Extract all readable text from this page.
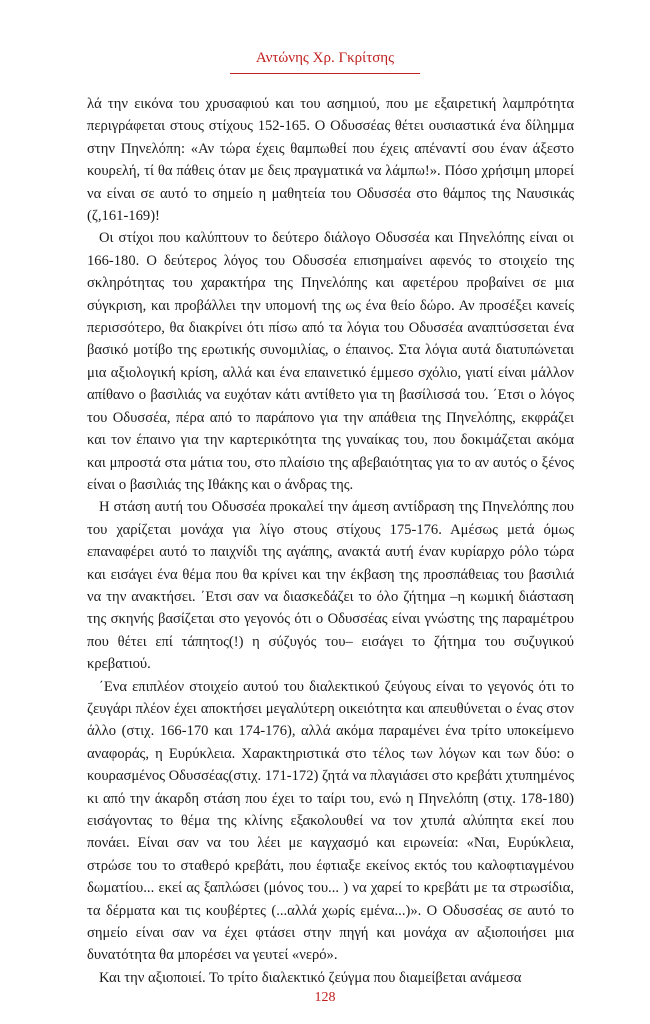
Αντώνης Χρ. Γκρίτσης

λά την εικόνα του χρυσαφιού και του ασημιού, που με εξαιρετική λαμπρότητα περιγράφεται στους στίχους 152-165. Ο Οδυσσέας θέτει ουσιαστικά ένα δίλημμα στην Πηνελόπη: «Αν τώρα έχεις θαμπωθεί που έχεις απέναντί σου έναν άξεστο κουρελή, τί θα πάθεις όταν με δεις πραγματικά να λάμπω!». Πόσο χρήσιμη μπορεί να είναι σε αυτό το σημείο η μαθητεία του Οδυσσέα στο θάμπος της Ναυσικάς (ζ,161-169)!

Οι στίχοι που καλύπτουν το δεύτερο διάλογο Οδυσσέα και Πηνελόπης είναι οι 166-180. Ο δεύτερος λόγος του Οδυσσέα επισημαίνει αφενός το στοιχείο της σκληρότητας του χαρακτήρα της Πηνελόπης και αφετέρου προβαίνει σε μια σύγκριση, και προβάλλει την υπομονή της ως ένα θείο δώρο. Αν προσέξει κανείς περισσότερο, θα διακρίνει ότι πίσω από τα λόγια του Οδυσσέα αναπτύσσεται ένα βασικό μοτίβο της ερωτικής συνομιλίας, ο έπαινος. Στα λόγια αυτά διατυπώνεται μια αξιολογική κρίση, αλλά και ένα επαινετικό έμμεσο σχόλιο, γιατί είναι μάλλον απίθανο ο βασιλιάς να ευχόταν κάτι αντίθετο για τη βασίλισσά του. ΄Ετσι ο λόγος του Οδυσσέα, πέρα από το παράπονο για την απάθεια της Πηνελόπης, εκφράζει και τον έπαινο για την καρτερικότητα της γυναίκας του, που δοκιμάζεται ακόμα και μπροστά στα μάτια του, στο πλαίσιο της αβεβαιότητας για το αν αυτός ο ξένος είναι ο βασιλιάς της Ιθάκης και ο άνδρας της.

Η στάση αυτή του Οδυσσέα προκαλεί την άμεση αντίδραση της Πηνελόπης που του χαρίζεται μονάχα για λίγο στους στίχους 175-176. Αμέσως μετά όμως επαναφέρει αυτό το παιχνίδι της αγάπης, ανακτά αυτή έναν κυρίαρχο ρόλο τώρα και εισάγει ένα θέμα που θα κρίνει και την έκβαση της προσπάθειας του βασιλιά να την ανακτήσει. ΄Ετσι σαν να διασκεδάζει το όλο ζήτημα –η κωμική διάσταση της σκηνής βασίζεται στο γεγονός ότι ο Οδυσσέας είναι γνώστης της παραμέτρου που θέτει επί τάπητος(!) η σύζυγός του– εισάγει το ζήτημα του συζυγικού κρεβατιού.

΄Ενα επιπλέον στοιχείο αυτού του διαλεκτικού ζεύγους είναι το γεγονός ότι το ζευγάρι πλέον έχει αποκτήσει μεγαλύτερη οικειότητα και απευθύνεται ο ένας στον άλλο (στιχ. 166-170 και 174-176), αλλά ακόμα παραμένει ένα τρίτο υποκείμενο αναφοράς, η Ευρύκλεια. Χαρακτηριστικά στο τέλος των λόγων και των δύο: ο κουρασμένος Οδυσσέας(στιχ. 171-172) ζητά να πλαγιάσει στο κρεβάτι χτυπημένος κι από την άκαρδη στάση που έχει το ταίρι του, ενώ η Πηνελόπη (στιχ. 178-180) εισάγοντας το θέμα της κλίνης εξακολουθεί να τον χτυπά αλύπητα εκεί που πονάει. Είναι σαν να του λέει με καγχασμό και ειρωνεία: «Ναι, Ευρύκλεια, στρώσε του το σταθερό κρεβάτι, που έφτιαξε εκείνος εκτός του καλοφτιαγμένου δωματίου... εκεί ας ξαπλώσει (μόνος του... ) να χαρεί το κρεβάτι με τα στρωσίδια, τα δέρματα και τις κουβέρτες (...αλλά χωρίς εμένα...)». Ο Οδυσσέας σε αυτό το σημείο είναι σαν να έχει φτάσει στην πηγή και μονάχα αν αξιοποιήσει μια δυνατότητα θα μπορέσει να γευτεί «νερό».

Και την αξιοποιεί. Το τρίτο διαλεκτικό ζεύγμα που διαμείβεται ανάμεσα

128
